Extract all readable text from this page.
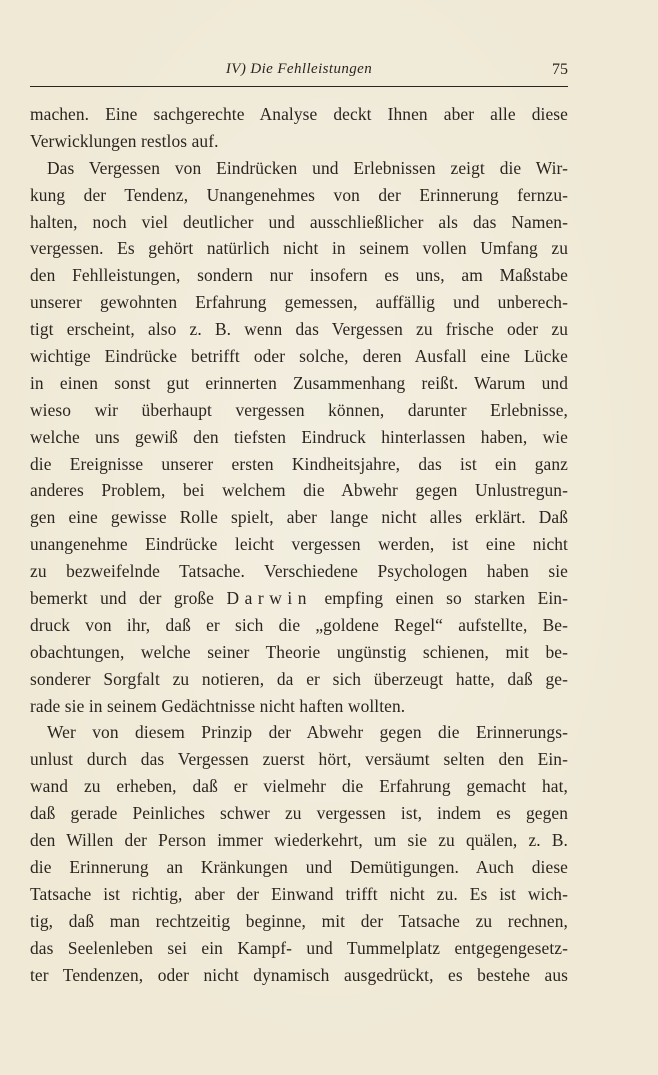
IV) Die Fehlleistungen	75
machen. Eine sachgerechte Analyse deckt Ihnen aber alle diese
Verwicklungen restlos auf.
Das Vergessen von Eindrücken und Erlebnissen zeigt die Wir-
kung der Tendenz, Unangenehmes von der Erinnerung fernzu-
halten, noch viel deutlicher und ausschließlicher als das Namen-
vergessen. Es gehört natürlich nicht in seinem vollen Umfang zu
den Fehlleistungen, sondern nur insofern es uns, am Maßstabe
unserer gewohnten Erfahrung gemessen, auffällig und unberech-
tigt erscheint, also z. B. wenn das Vergessen zu frische oder zu
wichtige Eindrücke betrifft oder solche, deren Ausfall eine Lücke
in einen sonst gut erinnerten Zusammenhang reißt. Warum und
wieso wir überhaupt vergessen können, darunter Erlebnisse,
welche uns gewiß den tiefsten Eindruck hinterlassen haben, wie
die Ereignisse unserer ersten Kindheitsjahre, das ist ein ganz
anderes Problem, bei welchem die Abwehr gegen Unlustregun-
gen eine gewisse Rolle spielt, aber lange nicht alles erklärt. Daß
unangenehme Eindrücke leicht vergessen werden, ist eine nicht
zu bezweifelnde Tatsache. Verschiedene Psychologen haben sie
bemerkt und der große Darwin empfing einen so starken Ein-
druck von ihr, daß er sich die „goldene Regel“ aufstellte, Be-
obachtungen, welche seiner Theorie ungünstig schienen, mit be-
sonderer Sorgfalt zu notieren, da er sich überzeugt hatte, daß ge-
rade sie in seinem Gedächtnisse nicht haften wollten.
Wer von diesem Prinzip der Abwehr gegen die Erinnerungs-
unlust durch das Vergessen zuerst hört, versäumt selten den Ein-
wand zu erheben, daß er vielmehr die Erfahrung gemacht hat,
daß gerade Peinliches schwer zu vergessen ist, indem es gegen
den Willen der Person immer wiederkehrt, um sie zu quälen, z. B.
die Erinnerung an Kränkungen und Demütigungen. Auch diese
Tatsache ist richtig, aber der Einwand trifft nicht zu. Es ist wich-
tig, daß man rechtzeitig beginne, mit der Tatsache zu rechnen,
das Seelenleben sei ein Kampf- und Tummelplatz entgegengesetz-
ter Tendenzen, oder nicht dynamisch ausgedrückt, es bestehe aus
